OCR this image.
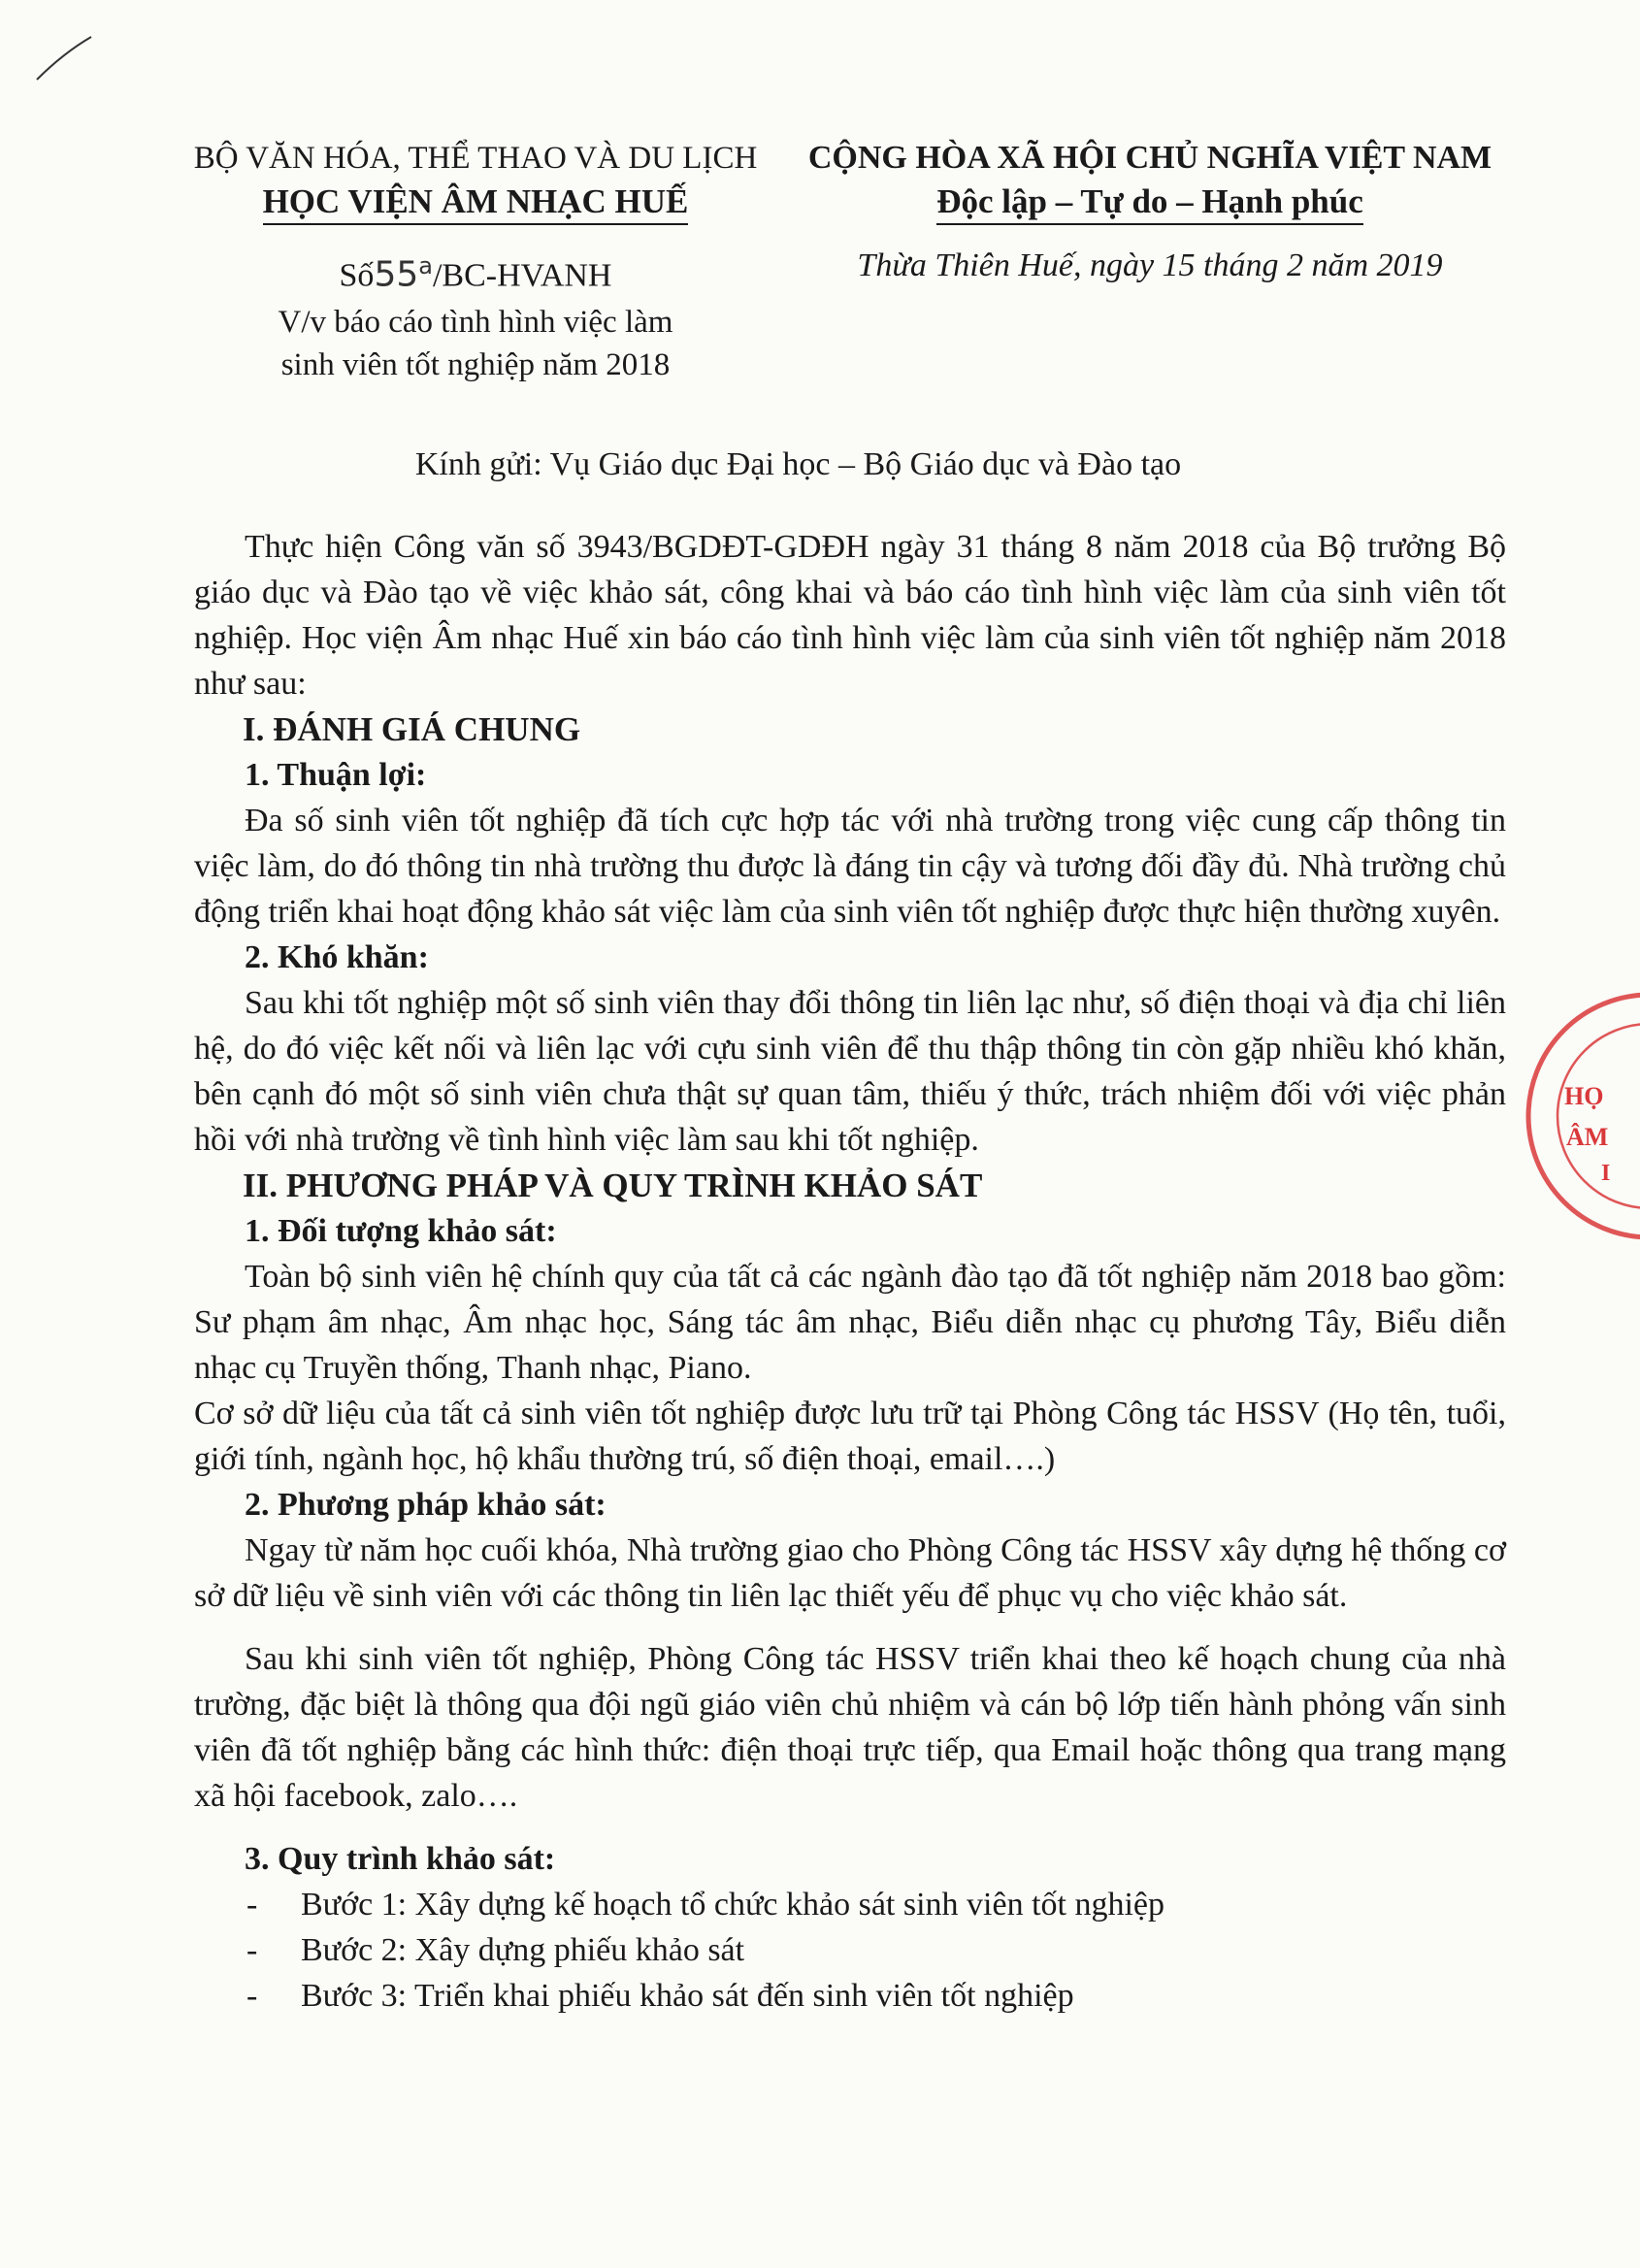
BỘ VĂN HÓA, THỂ THAO VÀ DU LỊCH
HỌC VIỆN ÂM NHẠC HUẾ
Số55$^a$/BC-HVANH
V/v báo cáo tình hình việc làm
sinh viên tốt nghiệp năm 2018
CỘNG HÒA XÃ HỘI CHỦ NGHĨA VIỆT NAM
Độc lập – Tự do – Hạnh phúc
Thừa Thiên Huế, ngày 15 tháng 2 năm 2019
Kính gửi: Vụ Giáo dục Đại học – Bộ Giáo dục và Đào tạo

Thực hiện Công văn số 3943/BGDĐT-GDĐH ngày 31 tháng 8 năm 2018 của Bộ trưởng Bộ giáo dục và Đào tạo về việc khảo sát, công khai và báo cáo tình hình việc làm của sinh viên tốt nghiệp. Học viện Âm nhạc Huế xin báo cáo tình hình việc làm của sinh viên tốt nghiệp năm 2018 như sau:

I. ĐÁNH GIÁ CHUNG
1. Thuận lợi:

Đa số sinh viên tốt nghiệp đã tích cực hợp tác với nhà trường trong việc cung cấp thông tin việc làm, do đó thông tin nhà trường thu được là đáng tin cậy và tương đối đầy đủ. Nhà trường chủ động triển khai hoạt động khảo sát việc làm của sinh viên tốt nghiệp được thực hiện thường xuyên.

2. Khó khăn:

Sau khi tốt nghiệp một số sinh viên thay đổi thông tin liên lạc như, số điện thoại và địa chỉ liên hệ, do đó việc kết nối và liên lạc với cựu sinh viên để thu thập thông tin còn gặp nhiều khó khăn, bên cạnh đó một số sinh viên chưa thật sự quan tâm, thiếu ý thức, trách nhiệm đối với việc phản hồi với nhà trường về tình hình việc làm sau khi tốt nghiệp.

II. PHƯƠNG PHÁP VÀ QUY TRÌNH KHẢO SÁT
1. Đối tượng khảo sát:

Toàn bộ sinh viên hệ chính quy của tất cả các ngành đào tạo đã tốt nghiệp năm 2018 bao gồm: Sư phạm âm nhạc, Âm nhạc học, Sáng tác âm nhạc, Biểu diễn nhạc cụ phương Tây, Biểu diễn nhạc cụ Truyền thống, Thanh nhạc, Piano.

Cơ sở dữ liệu của tất cả sinh viên tốt nghiệp được lưu trữ tại Phòng Công tác HSSV (Họ tên, tuổi, giới tính, ngành học, hộ khẩu thường trú, số điện thoại, email….)

2. Phương pháp khảo sát:

Ngay từ năm học cuối khóa, Nhà trường giao cho Phòng Công tác HSSV xây dựng hệ thống cơ sở dữ liệu về sinh viên với các thông tin liên lạc thiết yếu để phục vụ cho việc khảo sát.

Sau khi sinh viên tốt nghiệp, Phòng Công tác HSSV triển khai theo kế hoạch chung của nhà trường, đặc biệt là thông qua đội ngũ giáo viên chủ nhiệm và cán bộ lớp tiến hành phỏng vấn sinh viên đã tốt nghiệp bằng các hình thức: điện thoại trực tiếp, qua Email hoặc thông qua trang mạng xã hội facebook, zalo….

3. Quy trình khảo sát:
- Bước 1: Xây dựng kế hoạch tổ chức khảo sát sinh viên tốt nghiệp
- Bước 2: Xây dựng phiếu khảo sát
- Bước 3: Triển khai phiếu khảo sát đến sinh viên tốt nghiệp
HỌ
ÂM
I
